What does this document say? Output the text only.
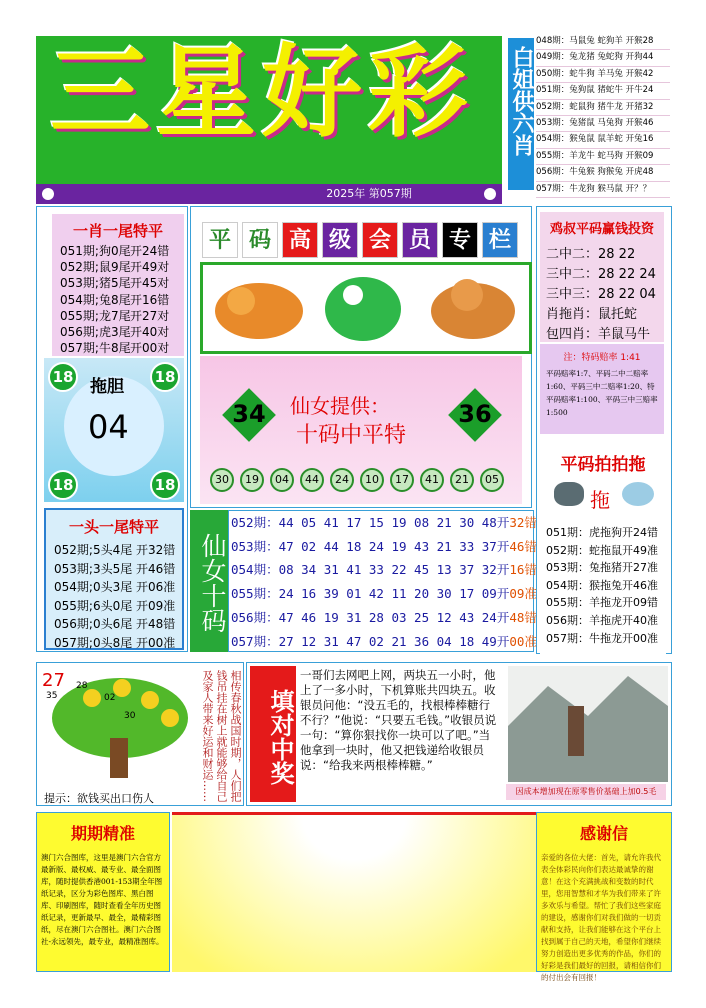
三星好彩
2025年 第057期
白姐供六肖
048期：马鼠兔 蛇狗羊 开猴28
049期：兔龙猪 兔蛇狗 开狗44
050期：蛇牛狗 羊马兔 开猴42
051期：兔狗鼠 猪蛇牛 开牛24
052期：蛇鼠狗 猪牛龙 开猪32
053期：兔猪鼠 马兔狗 开猴46
054期：猴兔鼠 鼠羊蛇 开兔16
055期：羊龙牛 蛇马狗 开猴09
056期：牛兔猴 狗猴兔 开虎48
057期：牛龙狗 猴马鼠 开？？
一肖一尾特平
051期;狗0尾开24错
052期;鼠9尾开49对
053期;猪5尾开45对
054期;兔8尾开16错
055期;龙7尾开27对
056期;虎3尾开40对
057期;牛8尾开00对
拖胆
04
18	18
18	18
一头一尾特平
052期;5头4尾 开32错
053期;3头5尾 开46错
054期;0头3尾 开06准
055期;6头0尾 开09准
056期;0头6尾 开48错
057期;0头8尾 开00准
平 码 高 级 会 员 专 栏
34	36
仙女提供：
十码中平特
30	19	04	44	24	10	17	41	21	05
鸡叔平码赢钱投资
二中二：28 22
三中二：28 22 24
三中三：28 22 04
肖拖肖：鼠托蛇
包四肖：羊鼠马牛
注：特码赔率 1:41
平码赔率1:7、平码二中二赔率1:60、平码三中二赔率1:20、特平码赔率1:100、平码三中三赔率1:500
平码拍拍拖
拖
051期：虎拖狗开24错
052期：蛇拖鼠开49准
053期：兔拖猪开27准
054期：猴拖兔开46准
055期：羊拖龙开09错
056期：羊拖虎开40准
057期：牛拖龙开00准
仙女十码
052期：44 05 41 17 15 19 08 21 30 48开32错
053期：47 02 44 18 24 19 43 21 33 37开46错
054期：08 34 31 41 33 22 45 13 37 32开16错
055期：24 16 39 01 42 11 20 30 17 09开09准
056期：47 46 19 31 28 03 25 12 43 24开48错
057期：27 12 31 47 02 21 36 04 18 49开00准
27
35
28
02
30
提示：欲钱买出口伤人	相传春秋战国时期，人们把钱吊挂在树上就能够给自己及家人带来好运和财运……	填对中奖
一哥们去网吧上网，两块五一小时，他上了一多小时，下机算账共四块五。收银员问他：“没五毛的，找根棒棒糖行不行？”他说：“只要五毛钱。”收银员说一句：“算你狠找你一块可以了吧。”当他拿到一块时，他又把钱递给收银员说：“给我来两根棒棒糖。”
因成本增加现在原零售价基础上加0.5毛
期期精准
澳门六合图库，这里是澳门六合官方最新版、最权威、最专业、最全面图库，随时提供香港001-153期全年图纸记录，区分为彩色图库、黑白图库、印刷图库，随时查看全年历史图纸记录，更新最早、最全，最精彩图纸，尽在澳门六合图社。澳门六合图社-永远领先，最专业，最精准图库。
感谢信
亲爱的各位大佬：首先，请允许我代表全体彩民向你们表达最诚挚的谢意！在这个充满挑战和变数的时代里，您用智慧和才华为我们带来了许多欢乐与希望。帮忙了我们这些家庭的建设，感谢你们对我们做的一切贡献和支持，让我们能够在这个平台上找到属于自己的天地，希望你们继续努力创造出更多优秀的作品，你们的好彩是我们最好的回报，请相信你们的付出会有回报！
